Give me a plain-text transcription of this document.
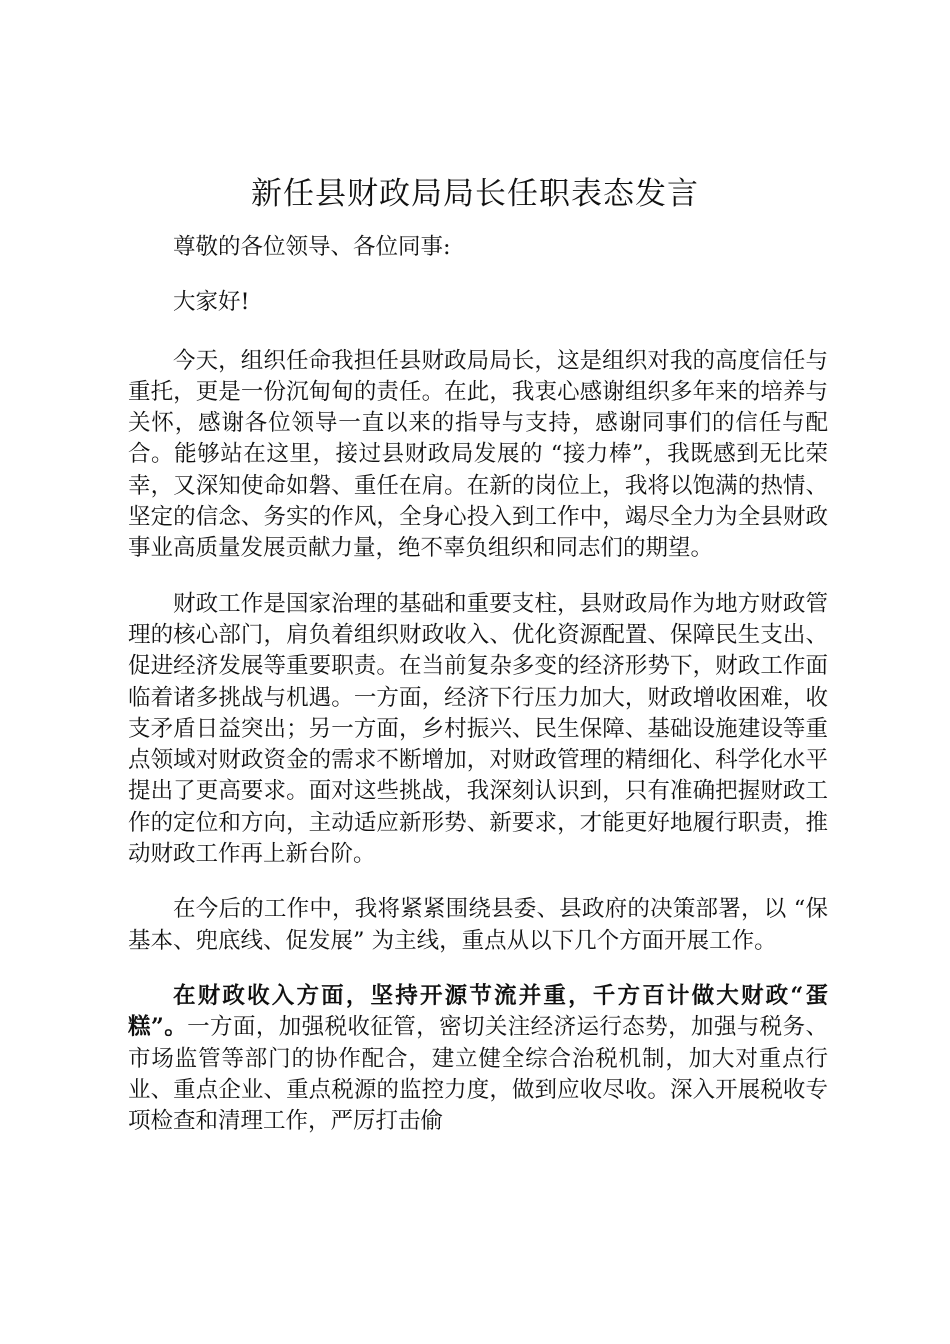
新任县财政局局长任职表态发言

尊敬的各位领导、各位同事:

大家好!

今天，组织任命我担任县财政局局长，这是组织对我的高度信任与重托，更是一份沉甸甸的责任。在此，我衷心感谢组织多年来的培养与关怀，感谢各位领导一直以来的指导与支持，感谢同事们的信任与配合。能够站在这里，接过县财政局发展的 “接力棒”，我既感到无比荣幸，又深知使命如磐、重任在肩。在新的岗位上，我将以饱满的热情、坚定的信念、务实的作风，全身心投入到工作中，竭尽全力为全县财政事业高质量发展贡献力量，绝不辜负组织和同志们的期望。

财政工作是国家治理的基础和重要支柱，县财政局作为地方财政管理的核心部门，肩负着组织财政收入、优化资源配置、保障民生支出、促进经济发展等重要职责。在当前复杂多变的经济形势下，财政工作面临着诸多挑战与机遇。一方面，经济下行压力加大，财政增收困难，收支矛盾日益突出；另一方面，乡村振兴、民生保障、基础设施建设等重点领域对财政资金的需求不断增加，对财政管理的精细化、科学化水平提出了更高要求。面对这些挑战，我深刻认识到，只有准确把握财政工作的定位和方向，主动适应新形势、新要求，才能更好地履行职责，推动财政工作再上新台阶。

在今后的工作中，我将紧紧围绕县委、县政府的决策部署，以 “保基本、兜底线、促发展” 为主线，重点从以下几个方面开展工作。

在财政收入方面，坚持开源节流并重，千方百计做大财政“蛋糕”。一方面，加强税收征管，密切关注经济运行态势，加强与税务、市场监管等部门的协作配合，建立健全综合治税机制，加大对重点行业、重点企业、重点税源的监控力度，做到应收尽收。深入开展税收专项检查和清理工作，严厉打击偷
